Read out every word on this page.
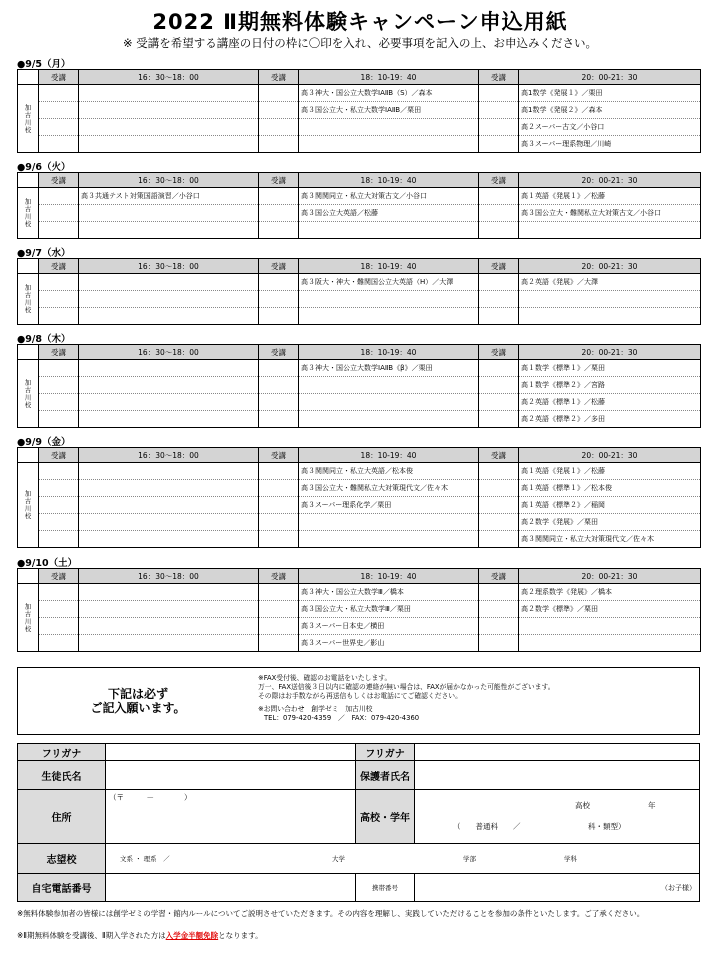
2022 Ⅱ期無料体験キャンペーン申込用紙
※ 受講を希望する講座の日付の枠に〇印を入れ、必要事項を記入の上、お申込みください。
●9/5（月）
	受講	16：30～18：00	受講	18：10-19：40	受講	20：00-21：30
加古川校				高３神大・国公立大数学ⅠAⅡB（S）／森本		高1数学《発展１》／栗田
				高３国公立大・私立大数学ⅠAⅡB／栗田		高1数学《発展２》／森本
						高２スーパー古文／小谷口
						高３スーパー理系物理／川崎
●9/6（火）
	受講	16：30～18：00	受講	18：10-19：40	受講	20：00-21：30
加古川校		高３共通テスト対策国語演習／小谷口		高３関関同立・私立大対策古文／小谷口		高１英語《発展１》／松藤
				高３国公立大英語／松藤		高３国公立大・難関私立大対策古文／小谷口

●9/7（水）
	受講	16：30～18：00	受講	18：10-19：40	受講	20：00-21：30
加古川校				高３阪大・神大・難関国公立大英語（H）／大澤		高２英語《発展》／大澤

●9/8（木）
	受講	16：30～18：00	受講	18：10-19：40	受講	20：00-21：30
加古川校				高３神大・国公立大数学ⅠAⅡB《β》／栗田		高１数学《標準１》／栗田
						高１数学《標準２》／宮路
						高２英語《標準１》／松藤
						高２英語《標準２》／多田
●9/9（金）
	受講	16：30～18：00	受講	18：10-19：40	受講	20：00-21：30
加古川校				高３関関同立・私立大英語／松本俊		高１英語《発展１》／松藤
				高３国公立大・難関私立大対策現代文／佐々木		高１英語《標準１》／松本俊
				高３スーパー理系化学／栗田		高１英語《標準２》／稲岡
						高２数学《発展》／栗田
						高３関関同立・私立大対策現代文／佐々木
●9/10（土）
	受講	16：30～18：00	受講	18：10-19：40	受講	20：00-21：30
加古川校				高３神大・国公立大数学Ⅲ／橋本		高２理系数学《発展》／橋本
				高３国公立大・私立大数学Ⅲ／栗田		高２数学《標準》／栗田
				高３スーパー日本史／横田		
				高３スーパー世界史／影山		
下記は必ず
ご記入願います。
※FAX受付後、確認のお電話をいたします。
万一、FAX送信後３日以内に確認の連絡が無い場合は、FAXが届かなかった可能性がございます。
その際はお手数ながら再送信もしくはお電話にてご確認ください。
※お問い合わせ　創学ゼミ　加古川校
TEL：079-420-4359　／　FAX：079-420-4360
フリガナ		フリガナ	
生徒氏名		保護者氏名	
住所	（〒　　　－　　　　）	高校・学年	高校 年
（　　普通科　　／　　　　　　　　　科・類型）

志望校	文系 ・ 理系　／ 大学 学部 学科		

自宅電話番号		携帯番号	（お子様）
※無料体験参加者の皆様には創学ゼミの学習・館内ルールについてご説明させていただきます。その内容を理解し、実践していただけることを参加の条件といたします。ご了承ください。
※Ⅱ期無料体験を受講後、Ⅱ期入学された方は入学金半額免除となります。
